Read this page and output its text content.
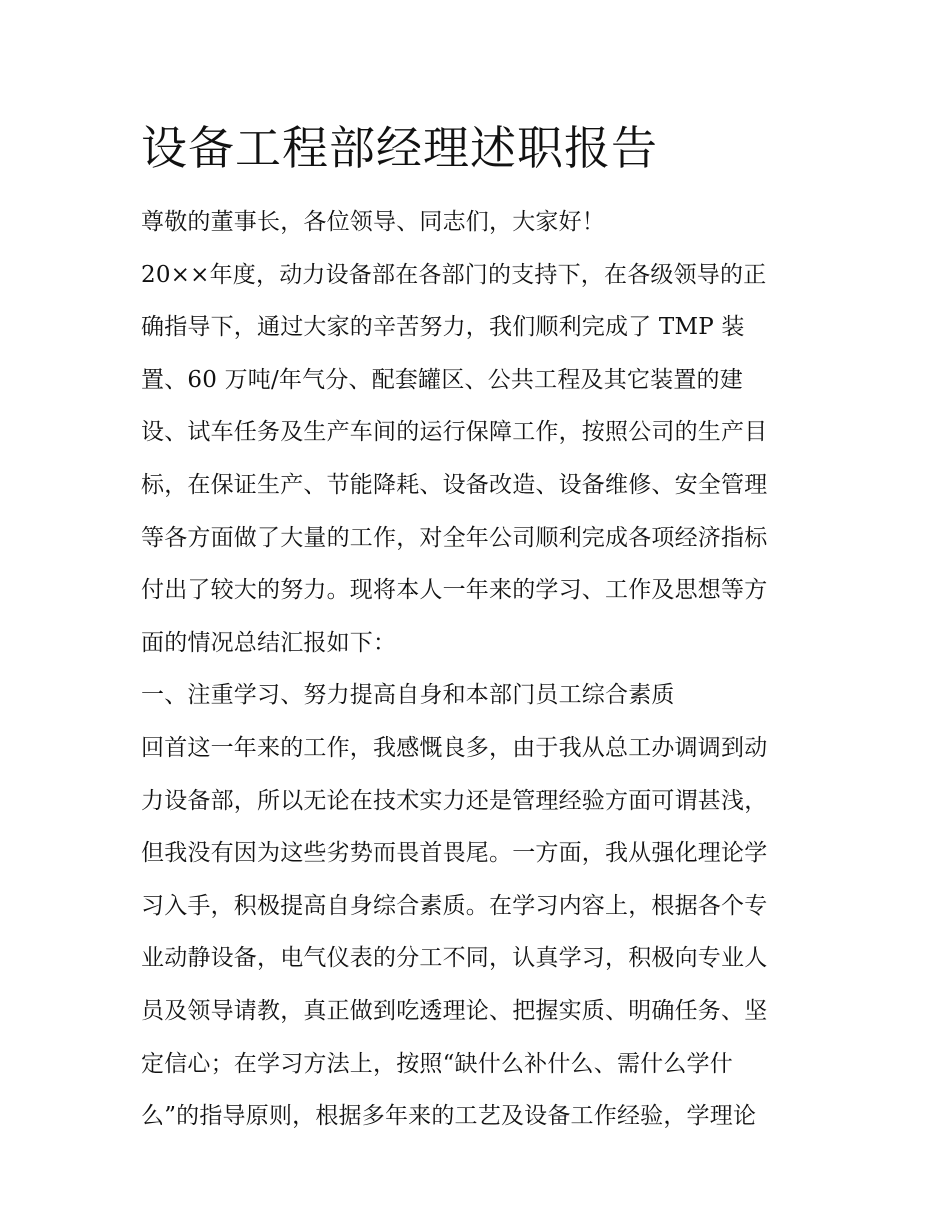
设备工程部经理述职报告
尊敬的董事长，各位领导、同志们，大家好！
20××年度，动力设备部在各部门的支持下，在各级领导的正
确指导下，通过大家的辛苦努力，我们顺利完成了 TMP 装
置、60 万吨/年气分、配套罐区、公共工程及其它装置的建
设、试车任务及生产车间的运行保障工作，按照公司的生产目
标，在保证生产、节能降耗、设备改造、设备维修、安全管理
等各方面做了大量的工作，对全年公司顺利完成各项经济指标
付出了较大的努力。现将本人一年来的学习、工作及思想等方
面的情况总结汇报如下：
一、注重学习、努力提高自身和本部门员工综合素质
回首这一年来的工作，我感慨良多，由于我从总工办调调到动
力设备部，所以无论在技术实力还是管理经验方面可谓甚浅，
但我没有因为这些劣势而畏首畏尾。一方面，我从强化理论学
习入手，积极提高自身综合素质。在学习内容上，根据各个专
业动静设备，电气仪表的分工不同，认真学习，积极向专业人
员及领导请教，真正做到吃透理论、把握实质、明确任务、坚
定信心；在学习方法上，按照“缺什么补什么、需什么学什
么”的指导原则，根据多年来的工艺及设备工作经验，学理论
